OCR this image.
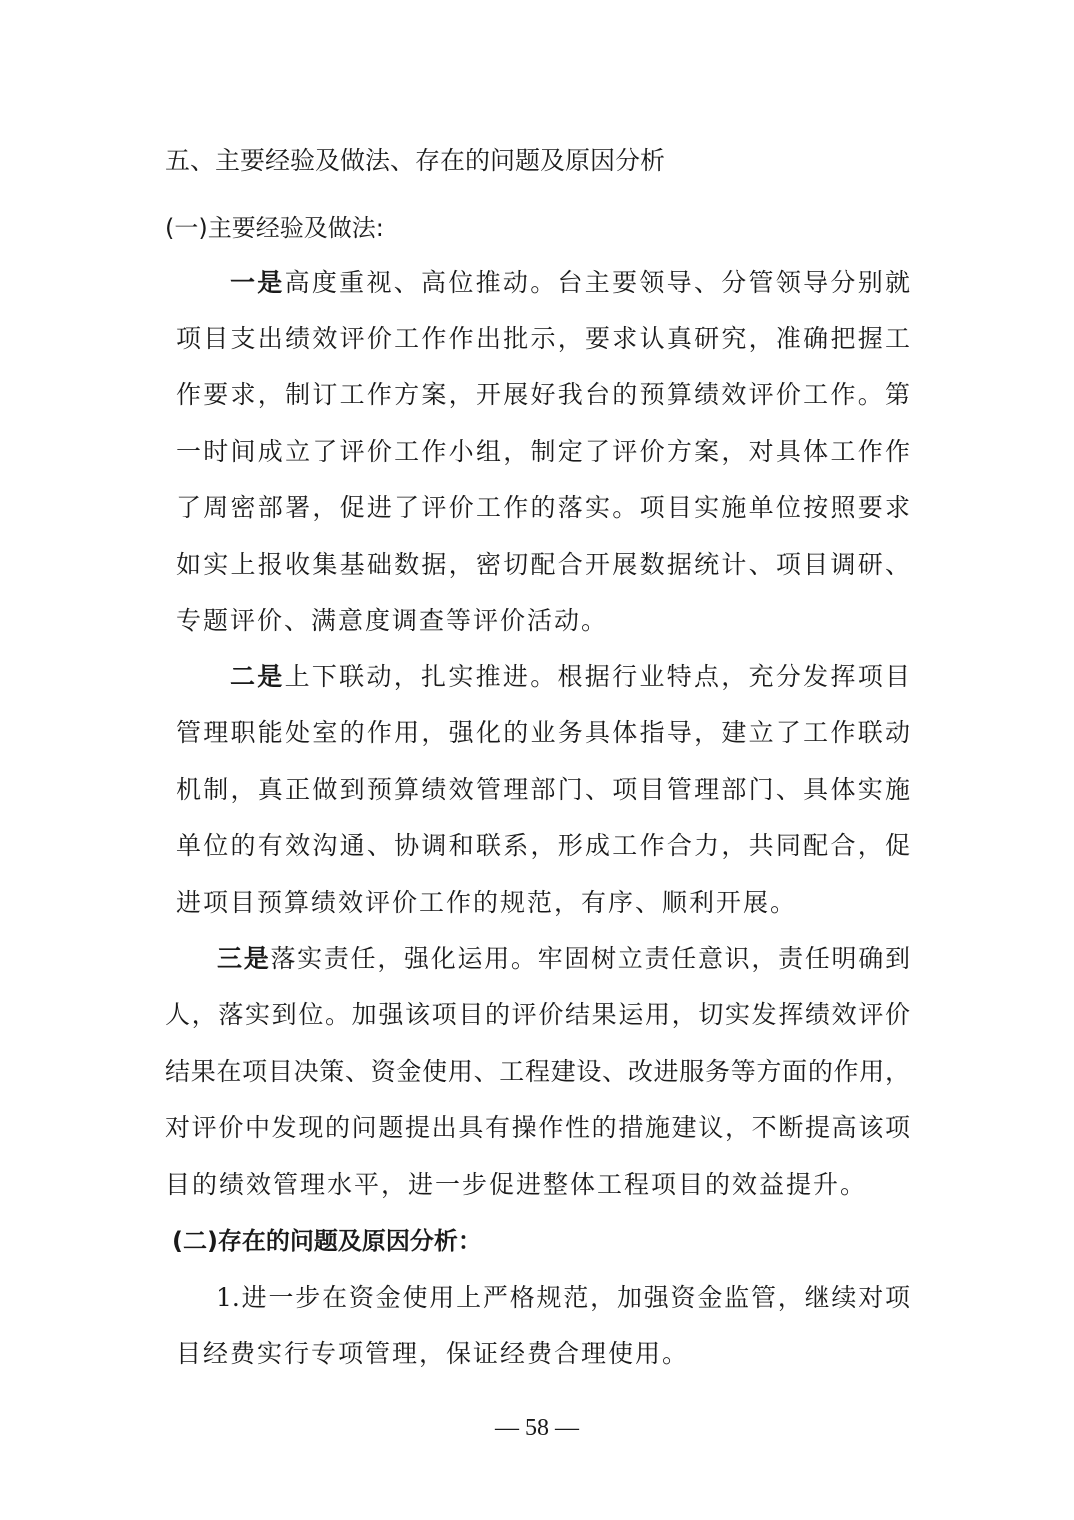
五、主要经验及做法、存在的问题及原因分析

(一)主要经验及做法:

一是高度重视、高位推动。台主要领导、分管领导分别就

项目支出绩效评价工作作出批示，要求认真研究，准确把握工

作要求，制订工作方案，开展好我台的预算绩效评价工作。第

一时间成立了评价工作小组，制定了评价方案，对具体工作作

了周密部署，促进了评价工作的落实。项目实施单位按照要求

如实上报收集基础数据，密切配合开展数据统计、项目调研、

专题评价、满意度调查等评价活动。

二是上下联动，扎实推进。根据行业特点，充分发挥项目

管理职能处室的作用，强化的业务具体指导，建立了工作联动

机制，真正做到预算绩效管理部门、项目管理部门、具体实施

单位的有效沟通、协调和联系，形成工作合力，共同配合，促

进项目预算绩效评价工作的规范，有序、顺利开展。

三是落实责任，强化运用。牢固树立责任意识，责任明确到

人，落实到位。加强该项目的评价结果运用，切实发挥绩效评价

结果在项目决策、资金使用、工程建设、改进服务等方面的作用，

对评价中发现的问题提出具有操作性的措施建议，不断提高该项

目的绩效管理水平，进一步促进整体工程项目的效益提升。

(二)存在的问题及原因分析：

1.进一步在资金使用上严格规范，加强资金监管，继续对项

目经费实行专项管理，保证经费合理使用。

— 58 —
